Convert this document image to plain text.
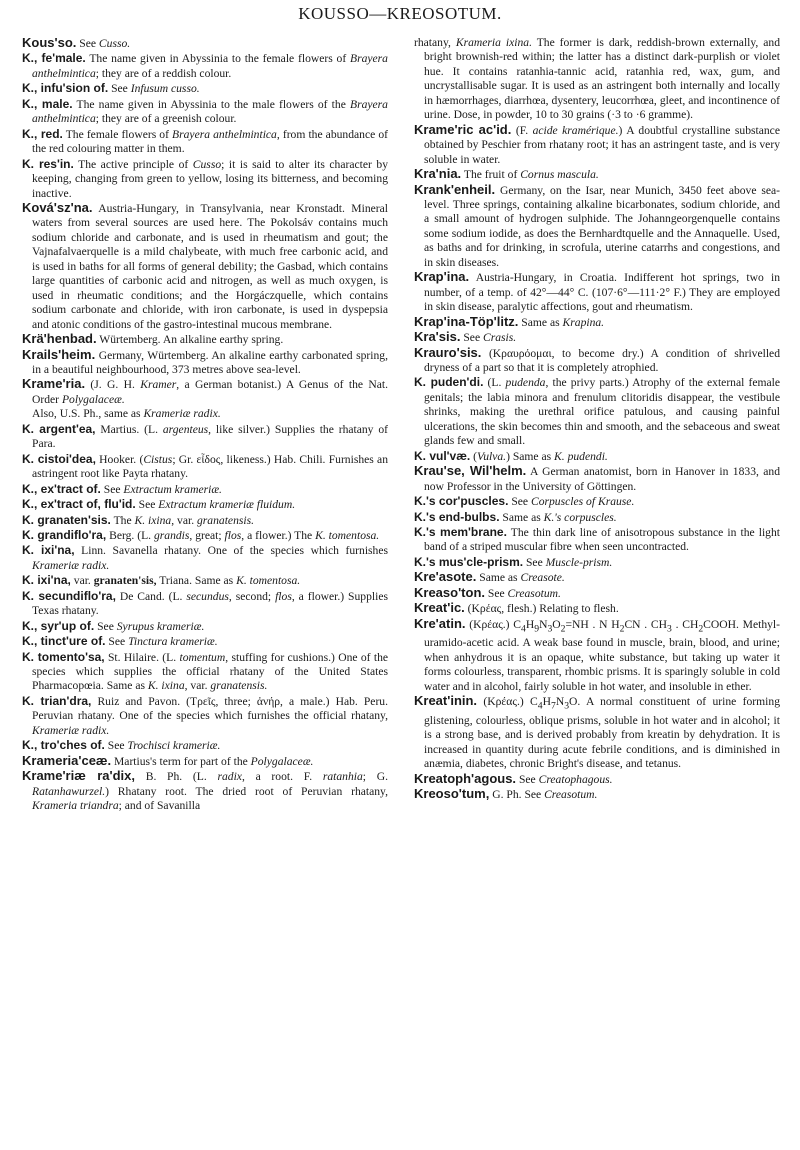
KOUSSO—KREOSOTUM.

Kous'so. See Cusso.

K., fe'male. The name given in Abyssinia to the female flowers of Brayera anthelmintica; they are of a reddish colour.

K., infu'sion of. See Infusum cusso.

K., male. The name given in Abyssinia to the male flowers of the Brayera anthelmintica; they are of a greenish colour.

K., red. The female flowers of Brayera anthelmintica, from the abundance of the red colouring matter in them.

K. res'in. The active principle of Cusso; it is said to alter its character by keeping, changing from green to yellow, losing its bitterness, and becoming inactive.

Ková'sz'na. Austria-Hungary, in Transylvania, near Kronstadt. Mineral waters from several sources are used here. The Pokolsáv contains much sodium chloride and carbonate, and is used in rheumatism and gout; the Vajnafalvaerquelle is a mild chalybeate, with much free carbonic acid, and is used in baths for all forms of general debility; the Gasbad, which contains large quantities of carbonic acid and nitrogen, as well as much oxygen, is used in rheumatic conditions; and the Horgáczquelle, which contains sodium carbonate and chloride, with iron carbonate, is used in dyspepsia and atonic conditions of the gastro-intestinal mucous membrane.

Krä'henbad. Würtemberg. An alkaline earthy spring.

Krails'heim. Germany, Würtemberg. An alkaline earthy carbonated spring, in a beautiful neighbourhood, 373 metres above sea-level.

Krame'ria. (J. G. H. Kramer, a German botanist.) A Genus of the Nat. Order Polygalaceæ.
Also, U.S. Ph., same as Krameriæ radix.

K. argent'ea, Martius. (L. argenteus, like silver.) Supplies the rhatany of Para.

K. cistoi'dea, Hooker. (Cistus; Gr. εἶδος, likeness.) Hab. Chili. Furnishes an astringent root like Payta rhatany.

K., ex'tract of. See Extractum krameriæ.

K., ex'tract of, flu'id. See Extractum krameriæ fluidum.

K. granaten'sis. The K. ixina, var. granatensis.

K. grandiflo'ra, Berg. (L. grandis, great; flos, a flower.) The K. tomentosa.

K. ixi'na, Linn. Savanella rhatany. One of the species which furnishes Krameriæ radix.

K. ixi'na, var. granaten'sis, Triana. Same as K. tomentosa.

K. secundiflo'ra, De Cand. (L. secundus, second; flos, a flower.) Supplies Texas rhatany.

K., syr'up of. See Syrupus krameriæ.

K., tinct'ure of. See Tinctura krameriæ.

K. tomento'sa, St. Hilaire. (L. tomentum, stuffing for cushions.) One of the species which supplies the official rhatany of the United States Pharmacopœia. Same as K. ixina, var. granatensis.

K. trian'dra, Ruiz and Pavon. (Τρεῖς, three; ἀνήρ, a male.) Hab. Peru. Peruvian rhatany. One of the species which furnishes the official rhatany, Krameriæ radix.

K., tro'ches of. See Trochisci krameriæ.

Krameria'ceæ. Martius's term for part of the Polygalaceæ.

Krame'riæ ra'dix, B. Ph. (L. radix, a root. F. ratanhia; G. Ratanhawurzel.) Rhatany root. The dried root of Peruvian rhatany, Krameria triandra; and of Savanilla

rhatany, Krameria ixina. The former is dark, reddish-brown externally, and bright brownish-red within; the latter has a distinct dark-purplish or violet hue. It contains ratanhia-tannic acid, ratanhia red, wax, gum, and uncrystallisable sugar. It is used as an astringent both internally and locally in hæmorrhages, diarrhœa, dysentery, leucorrhœa, gleet, and incontinence of urine. Dose, in powder, 10 to 30 grains (·3 to ·6 gramme).

Krame'ric ac'id. (F. acide kramérique.) A doubtful crystalline substance obtained by Peschier from rhatany root; it has an astringent taste, and is very soluble in water.

Kra'nia. The fruit of Cornus mascula.

Krank'enheil. Germany, on the Isar, near Munich, 3450 feet above sea-level. Three springs, containing alkaline bicarbonates, sodium chloride, and a small amount of hydrogen sulphide. The Johanngeorgenquelle contains some sodium iodide, as does the Bernhardtquelle and the Annaquelle. Used, as baths and for drinking, in scrofula, uterine catarrhs and congestions, and in skin diseases.

Krap'ina. Austria-Hungary, in Croatia. Indifferent hot springs, two in number, of a temp. of 42°—44° C. (107·6°—111·2° F.) They are employed in skin disease, paralytic affections, gout and rheumatism.

Krap'ina-Töp'litz. Same as Krapina.

Kra'sis. See Crasis.

Krauro'sis. (Κραυρόομαι, to become dry.) A condition of shrivelled dryness of a part so that it is completely atrophied.

K. puden'di. (L. pudenda, the privy parts.) Atrophy of the external female genitals; the labia minora and frenulum clitoridis disappear, the vestibule shrinks, making the urethral orifice patulous, and causing painful ulcerations, the skin becomes thin and smooth, and the sebaceous and sweat glands few and small.

K. vul'væ. (Vulva.) Same as K. pudendi.

Krau'se, Wil'helm. A German anatomist, born in Hanover in 1833, and now Professor in the University of Göttingen.

K.'s cor'puscles. See Corpuscles of Krause.

K.'s end-bulbs. Same as K.'s corpuscles.

K.'s mem'brane. The thin dark line of anisotropous substance in the light band of a striped muscular fibre when seen uncontracted.

K.'s mus'cle-prism. See Muscle-prism.

Kre'asote. Same as Creasote.

Kreaso'ton. See Creasotum.

Kreat'ic. (Κρέας, flesh.) Relating to flesh.

Kre'atin. (Κρέας.) $C_4H_9N_3O_2=NH$ . N $H_2CN$ . $CH_3$ . $CH_2COOH$. Methyl-uramido-acetic acid. A weak base found in muscle, brain, blood, and urine; when anhydrous it is an opaque, white substance, but taking up water it forms colourless, transparent, rhombic prisms. It is sparingly soluble in cold water and in alcohol, fairly soluble in hot water, and insoluble in ether.

Kreat'inin. (Κρέας.) $C_4H_7N_3O$. A normal constituent of urine forming glistening, colourless, oblique prisms, soluble in hot water and in alcohol; it is a strong base, and is derived probably from kreatin by dehydration. It is increased in quantity during acute febrile conditions, and is diminished in anæmia, diabetes, chronic Bright's disease, and tetanus.

Kreatoph'agous. See Creatophagous.

Kreoso'tum, G. Ph. See Creasotum.
